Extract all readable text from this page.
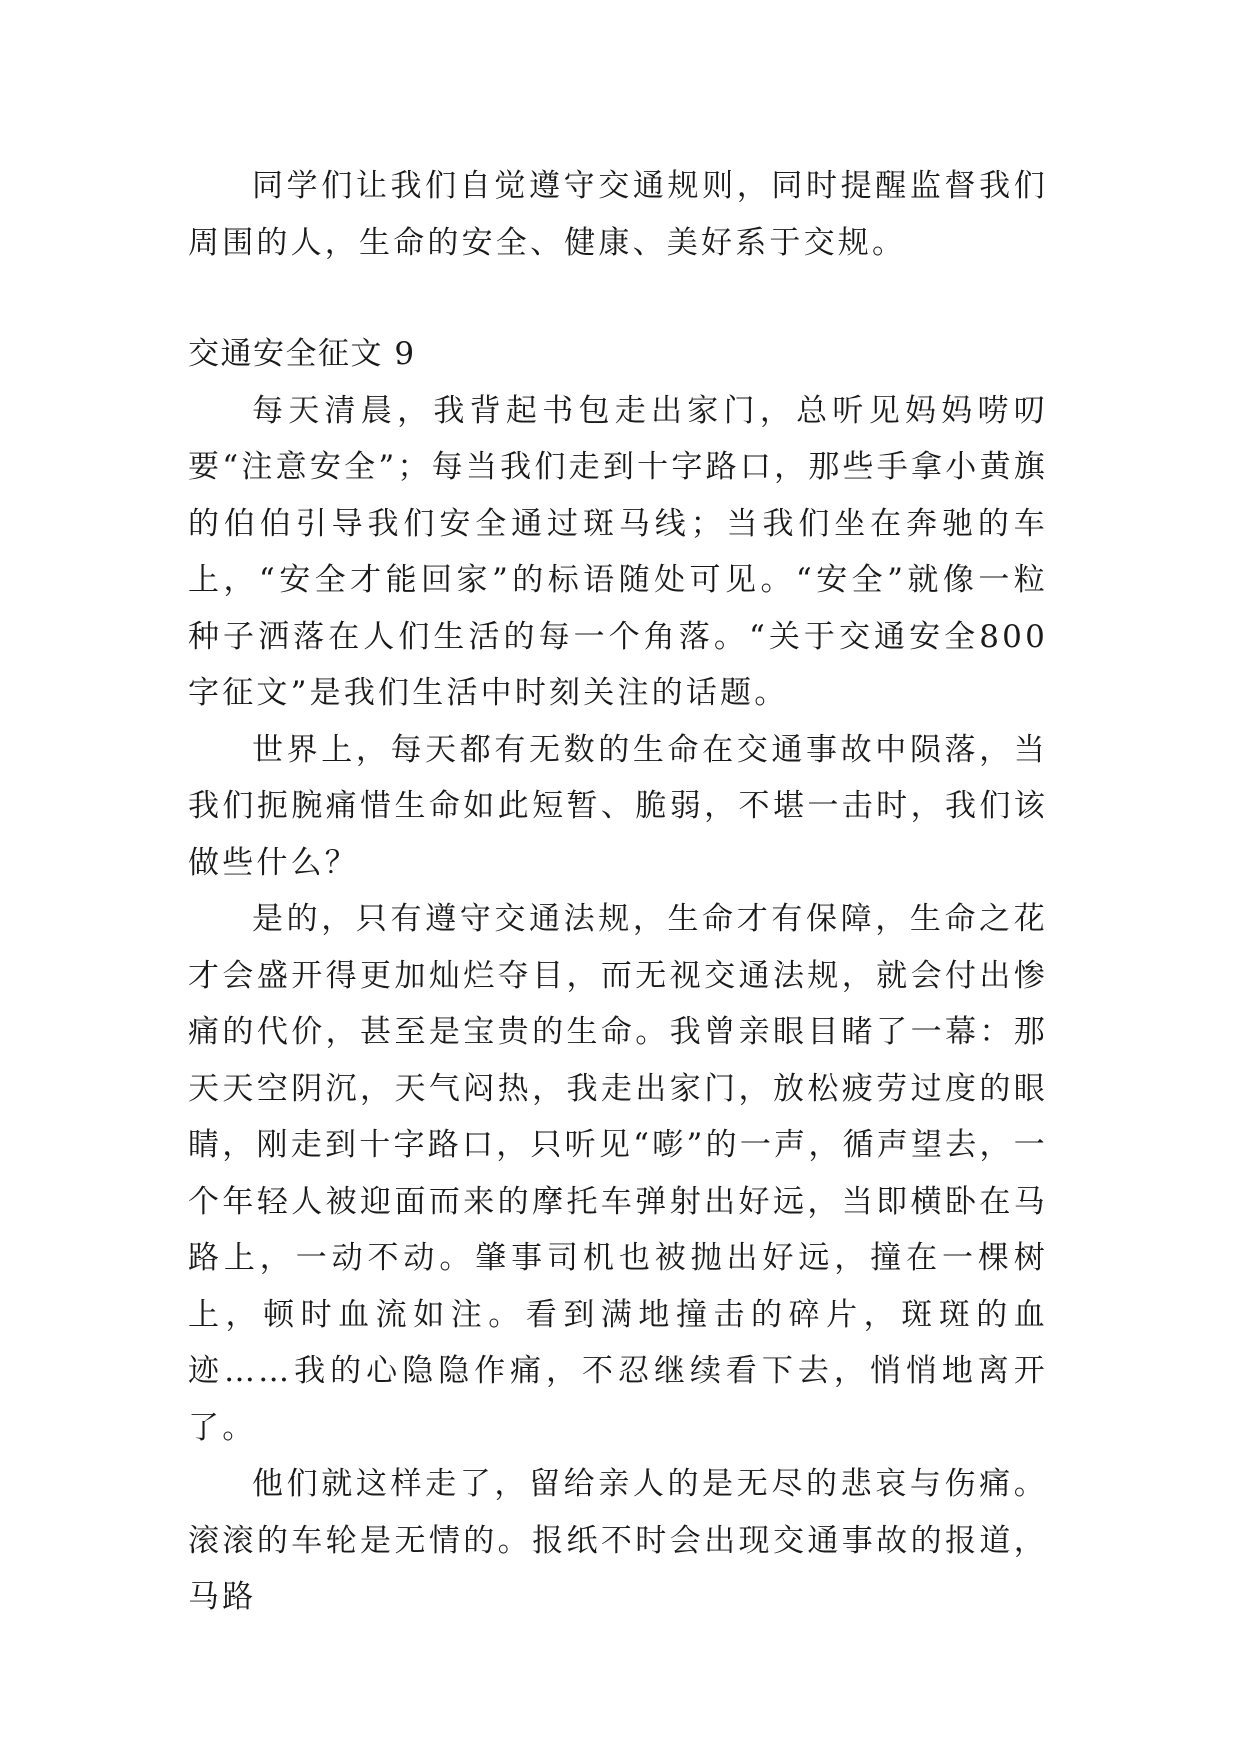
同学们让我们自觉遵守交通规则，同时提醒监督我们周围的人，生命的安全、健康、美好系于交规。

交通安全征文 9

每天清晨，我背起书包走出家门，总听见妈妈唠叨要“注意安全”；每当我们走到十字路口，那些手拿小黄旗的伯伯引导我们安全通过斑马线；当我们坐在奔驰的车上，“安全才能回家”的标语随处可见。“安全”就像一粒种子洒落在人们生活的每一个角落。“关于交通安全800字征文”是我们生活中时刻关注的话题。

世界上，每天都有无数的生命在交通事故中陨落，当我们扼腕痛惜生命如此短暂、脆弱，不堪一击时，我们该做些什么？

是的，只有遵守交通法规，生命才有保障，生命之花才会盛开得更加灿烂夺目，而无视交通法规，就会付出惨痛的代价，甚至是宝贵的生命。我曾亲眼目睹了一幕：那天天空阴沉，天气闷热，我走出家门，放松疲劳过度的眼睛，刚走到十字路口，只听见“嘭”的一声，循声望去，一个年轻人被迎面而来的摩托车弹射出好远，当即横卧在马路上，一动不动。肇事司机也被抛出好远，撞在一棵树上，顿时血流如注。看到满地撞击的碎片，斑斑的血迹……我的心隐隐作痛，不忍继续看下去，悄悄地离开了。

他们就这样走了，留给亲人的是无尽的悲哀与伤痛。滚滚的车轮是无情的。报纸不时会出现交通事故的报道，马路
